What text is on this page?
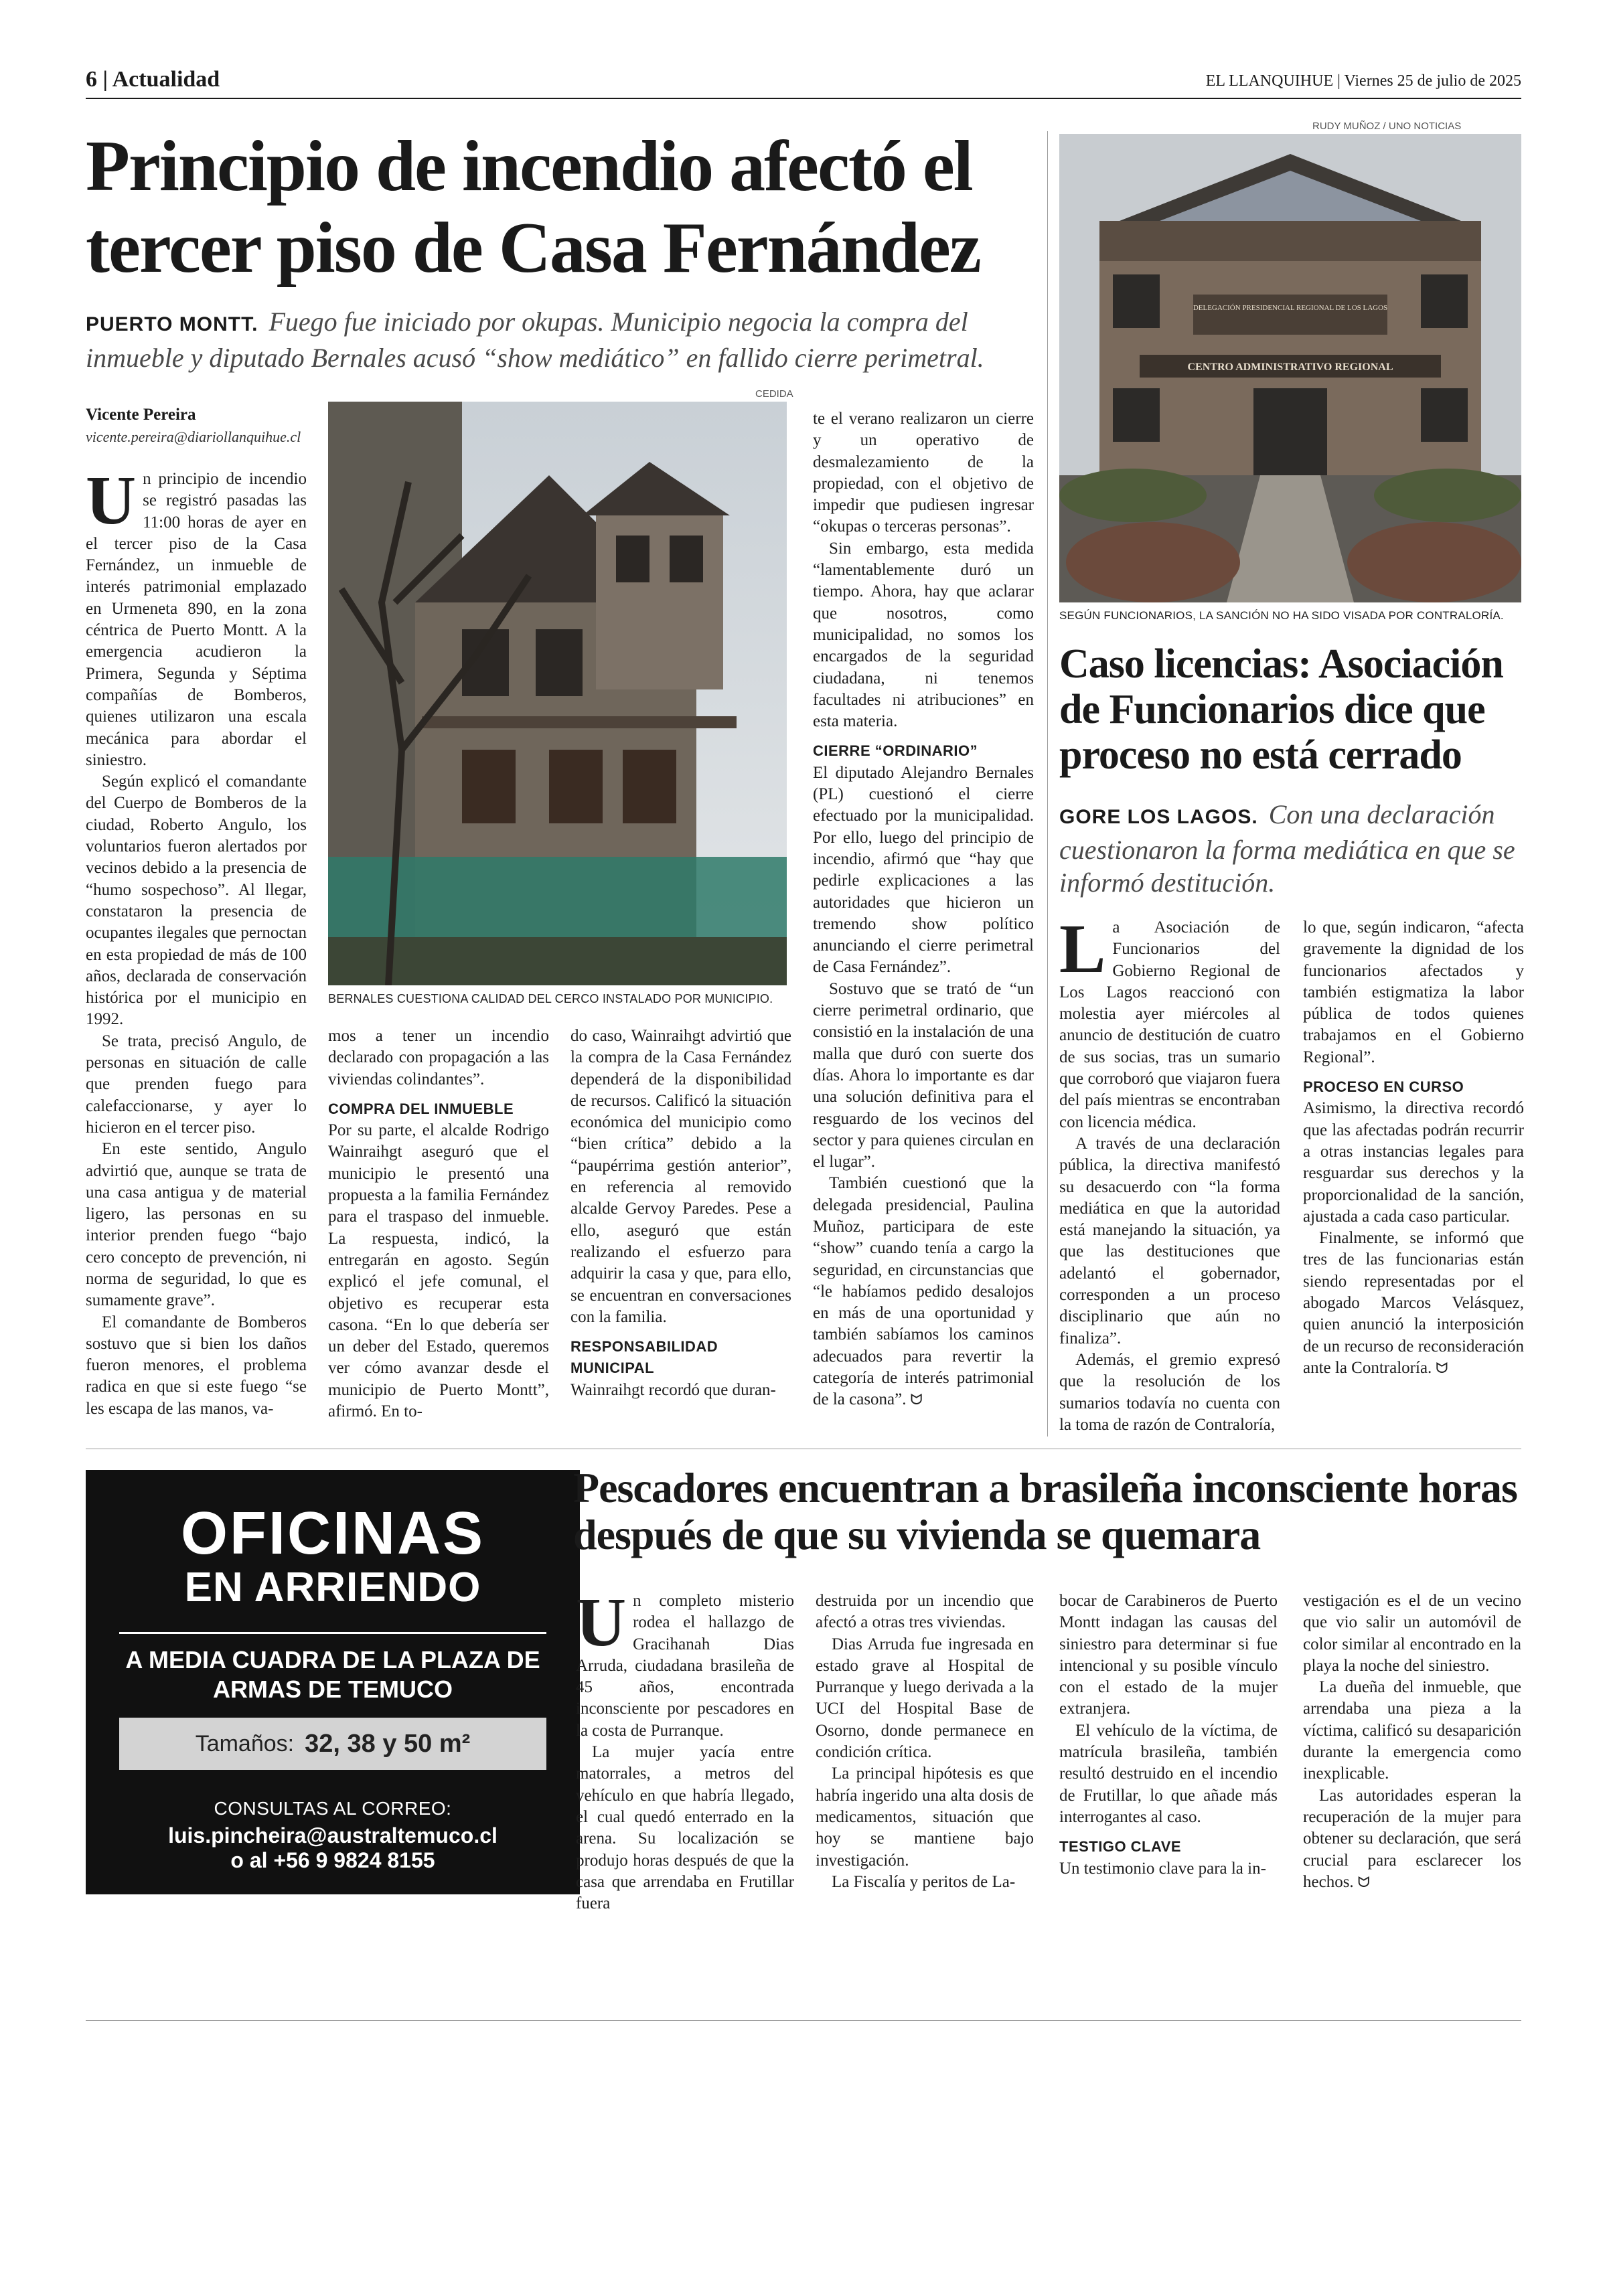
6 | Actualidad	EL LLANQUIHUE | Viernes 25 de julio de 2025
Principio de incendio afectó el tercer piso de Casa Fernández
PUERTO MONTT. Fuego fue iniciado por okupas. Municipio negocia la compra del inmueble y diputado Bernales acusó “show mediático” en fallido cierre perimetral.
Vicente Pereira
vicente.pereira@diariollanquihue.cl
U n principio de incendio se registró pasadas las 11:00 horas de ayer en el tercer piso de la Casa Fernández, un inmueble de interés patrimonial emplazado en Urmeneta 890, en la zona céntrica de Puerto Montt. A la emergencia acudieron la Primera, Segunda y Séptima compañías de Bomberos, quienes utilizaron una escala mecánica para abordar el siniestro.

Según explicó el comandante del Cuerpo de Bomberos de la ciudad, Roberto Angulo, los voluntarios fueron alertados por vecinos debido a la presencia de “humo sospechoso”. Al llegar, constataron la presencia de ocupantes ilegales que pernoctan en esta propiedad de más de 100 años, declarada de conservación histórica por el municipio en 1992.

Se trata, precisó Angulo, de personas en situación de calle que prenden fuego para calefaccionarse, y ayer lo hicieron en el tercer piso.

En este sentido, Angulo advirtió que, aunque se trata de una casa antigua y de material ligero, las personas en su interior prenden fuego “bajo cero concepto de prevención, ni norma de seguridad, lo que es sumamente grave”.

El comandante de Bomberos sostuvo que si bien los daños fueron menores, el problema radica en que si este fuego “se les escapa de las manos, va-

CEDIDA
BERNALES CUESTIONA CALIDAD DEL CERCO INSTALADO POR MUNICIPIO.

mos a tener un incendio declarado con propagación a las viviendas colindantes”.

COMPRA DEL INMUEBLE

Por su parte, el alcalde Rodrigo Wainraihgt aseguró que el municipio le presentó una propuesta a la familia Fernández para el traspaso del inmueble. La respuesta, indicó, la entregarán en agosto. Según explicó el jefe comunal, el objetivo es recuperar esta casona. “En lo que debería ser un deber del Estado, queremos ver cómo avanzar desde el municipio de Puerto Montt”, afirmó. En to-

do caso, Wainraihgt advirtió que la compra de la Casa Fernández dependerá de la disponibilidad de recursos. Calificó la situación económica del municipio como “bien crítica” debido a la “paupérrima gestión anterior”, en referencia al removido alcalde Gervoy Paredes. Pese a ello, aseguró que están realizando el esfuerzo para adquirir la casa y que, para ello, se encuentran en conversaciones con la familia.

RESPONSABILIDAD MUNICIPAL

Wainraihgt recordó que duran-

te el verano realizaron un cierre y un operativo de desmalezamiento de la propiedad, con el objetivo de impedir que pudiesen ingresar “okupas o terceras personas”.

Sin embargo, esta medida “lamentablemente duró un tiempo. Ahora, hay que aclarar que nosotros, como municipalidad, no somos los encargados de la seguridad ciudadana, ni tenemos facultades ni atribuciones” en esta materia.

CIERRE “ORDINARIO”

El diputado Alejandro Bernales (PL) cuestionó el cierre efectuado por la municipalidad. Por ello, luego del principio de incendio, afirmó que “hay que pedirle explicaciones a las autoridades que hicieron un tremendo show político anunciando el cierre perimetral de Casa Fernández”.

Sostuvo que se trató de “un cierre perimetral ordinario, que consistió en la instalación de una malla que duró con suerte dos días. Ahora lo importante es dar una solución definitiva para el resguardo de los vecinos del sector y para quienes circulan en el lugar”.

También cuestionó que la delegada presidencial, Paulina Muñoz, participara de este “show” cuando tenía a cargo la seguridad, en circunstancias que “le habíamos pedido desalojos en más de una oportunidad y también sabíamos los caminos adecuados para revertir la categoría de interés patrimonial de la casona”. ᗢ

RUDY MUÑOZ / UNO NOTICIAS
DELEGACIÓN PRESIDENCIAL REGIONAL DE LOS LAGOS
CENTRO ADMINISTRATIVO REGIONAL
SEGÚN FUNCIONARIOS, LA SANCIÓN NO HA SIDO VISADA POR CONTRALORÍA.
Caso licencias: Asociación de Funcionarios dice que proceso no está cerrado
GORE LOS LAGOS. Con una declaración cuestionaron la forma mediática en que se informó destitución.
L a Asociación de Funcionarios del Gobierno Regional de Los Lagos reaccionó con molestia ayer miércoles al anuncio de destitución de cuatro de sus socias, tras un sumario que corroboró que viajaron fuera del país mientras se encontraban con licencia médica.

A través de una declaración pública, la directiva manifestó su desacuerdo con “la forma mediática en que la autoridad está manejando la situación, ya que las destituciones que adelantó el gobernador, corresponden a un proceso disciplinario que aún no finaliza”.

Además, el gremio expresó que la resolución de los sumarios todavía no cuenta con la toma de razón de Contraloría,

lo que, según indicaron, “afecta gravemente la dignidad de los funcionarios afectados y también estigmatiza la labor pública de todos quienes trabajamos en el Gobierno Regional”.

PROCESO EN CURSO

Asimismo, la directiva recordó que las afectadas podrán recurrir a otras instancias legales para resguardar sus derechos y la proporcionalidad de la sanción, ajustada a cada caso particular.

Finalmente, se informó que tres de las funcionarias están siendo representadas por el abogado Marcos Velásquez, quien anunció la interposición de un recurso de reconsideración ante la Contraloría. ᗢ

OFICINAS
EN ARRIENDO
A MEDIA CUADRA DE LA PLAZA DE ARMAS DE TEMUCO
Tamaños: 32, 38 y 50 m²
CONSULTAS AL CORREO:
luis.pincheira@australtemuco.cl
o al +56 9 9824 8155
Pescadores encuentran a brasileña inconsciente horas después de que su vivienda se quemara
U n completo misterio rodea el hallazgo de Gracihanah Dias Arruda, ciudadana brasileña de 45 años, encontrada inconsciente por pescadores en la costa de Purranque.

La mujer yacía entre matorrales, a metros del vehículo en que habría llegado, el cual quedó enterrado en la arena. Su localización se produjo horas después de que la casa que arrendaba en Frutillar fuera

destruida por un incendio que afectó a otras tres viviendas.

Dias Arruda fue ingresada en estado grave al Hospital de Purranque y luego derivada a la UCI del Hospital Base de Osorno, donde permanece en condición crítica.

La principal hipótesis es que habría ingerido una alta dosis de medicamentos, situación que hoy se mantiene bajo investigación.

La Fiscalía y peritos de La-

bocar de Carabineros de Puerto Montt indagan las causas del siniestro para determinar si fue intencional y su posible vínculo con el estado de la mujer extranjera.

El vehículo de la víctima, de matrícula brasileña, también resultó destruido en el incendio de Frutillar, lo que añade más interrogantes al caso.

TESTIGO CLAVE

Un testimonio clave para la in-

vestigación es el de un vecino que vio salir un automóvil de color similar al encontrado en la playa la noche del siniestro.

La dueña del inmueble, que arrendaba una pieza a la víctima, calificó su desaparición durante la emergencia como inexplicable.

Las autoridades esperan la recuperación de la mujer para obtener su declaración, que será crucial para esclarecer los hechos. ᗢ
